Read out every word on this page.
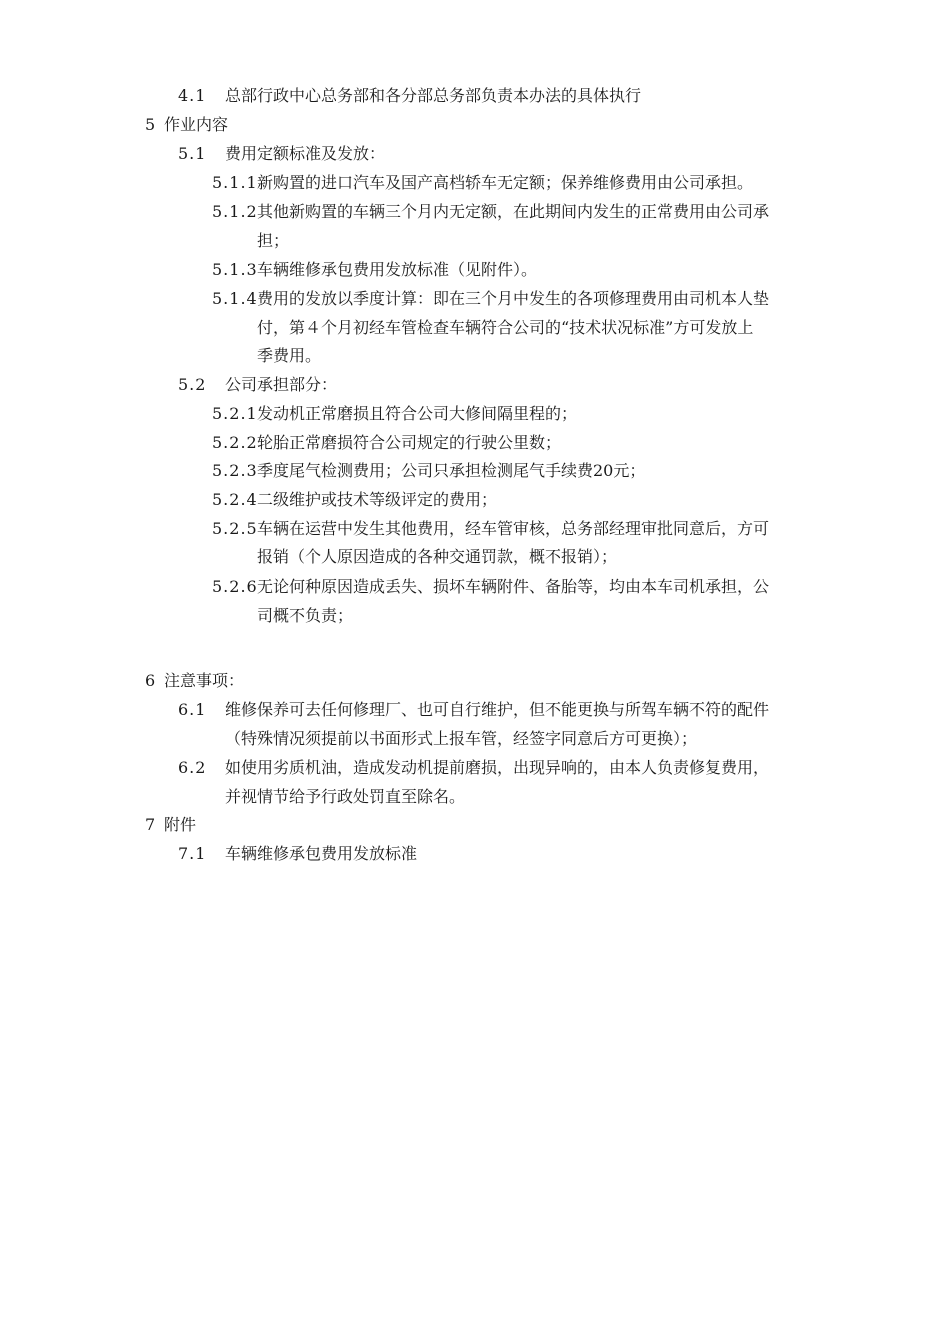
4.1 总部行政中心总务部和各分部总务部负责本办法的具体执行
5 作业内容
5.1 费用定额标准及发放：
5.1.1 新购置的进口汽车及国产高档轿车无定额；保养维修费用由公司承担。
5.1.2 其他新购置的车辆三个月内无定额，在此期间内发生的正常费用由公司承
担；
5.1.3 车辆维修承包费用发放标准（见附件）。
5.1.4 费用的发放以季度计算：即在三个月中发生的各项修理费用由司机本人垫
付，第４个月初经车管检查车辆符合公司的“技术状况标准”方可发放上
季费用。
5.2 公司承担部分：
5.2.1 发动机正常磨损且符合公司大修间隔里程的；
5.2.2 轮胎正常磨损符合公司规定的行驶公里数；
5.2.3 季度尾气检测费用；公司只承担检测尾气手续费20元；
5.2.4 二级维护或技术等级评定的费用；
5.2.5 车辆在运营中发生其他费用，经车管审核，总务部经理审批同意后，方可
报销（个人原因造成的各种交通罚款，概不报销）；
5.2.6 无论何种原因造成丢失、损坏车辆附件、备胎等，均由本车司机承担，公
司概不负责；
6 注意事项：
6.1 维修保养可去任何修理厂、也可自行维护，但不能更换与所驾车辆不符的配件
（特殊情况须提前以书面形式上报车管，经签字同意后方可更换）；
6.2 如使用劣质机油，造成发动机提前磨损，出现异响的，由本人负责修复费用，
并视情节给予行政处罚直至除名。
7 附件
7.1 车辆维修承包费用发放标准
